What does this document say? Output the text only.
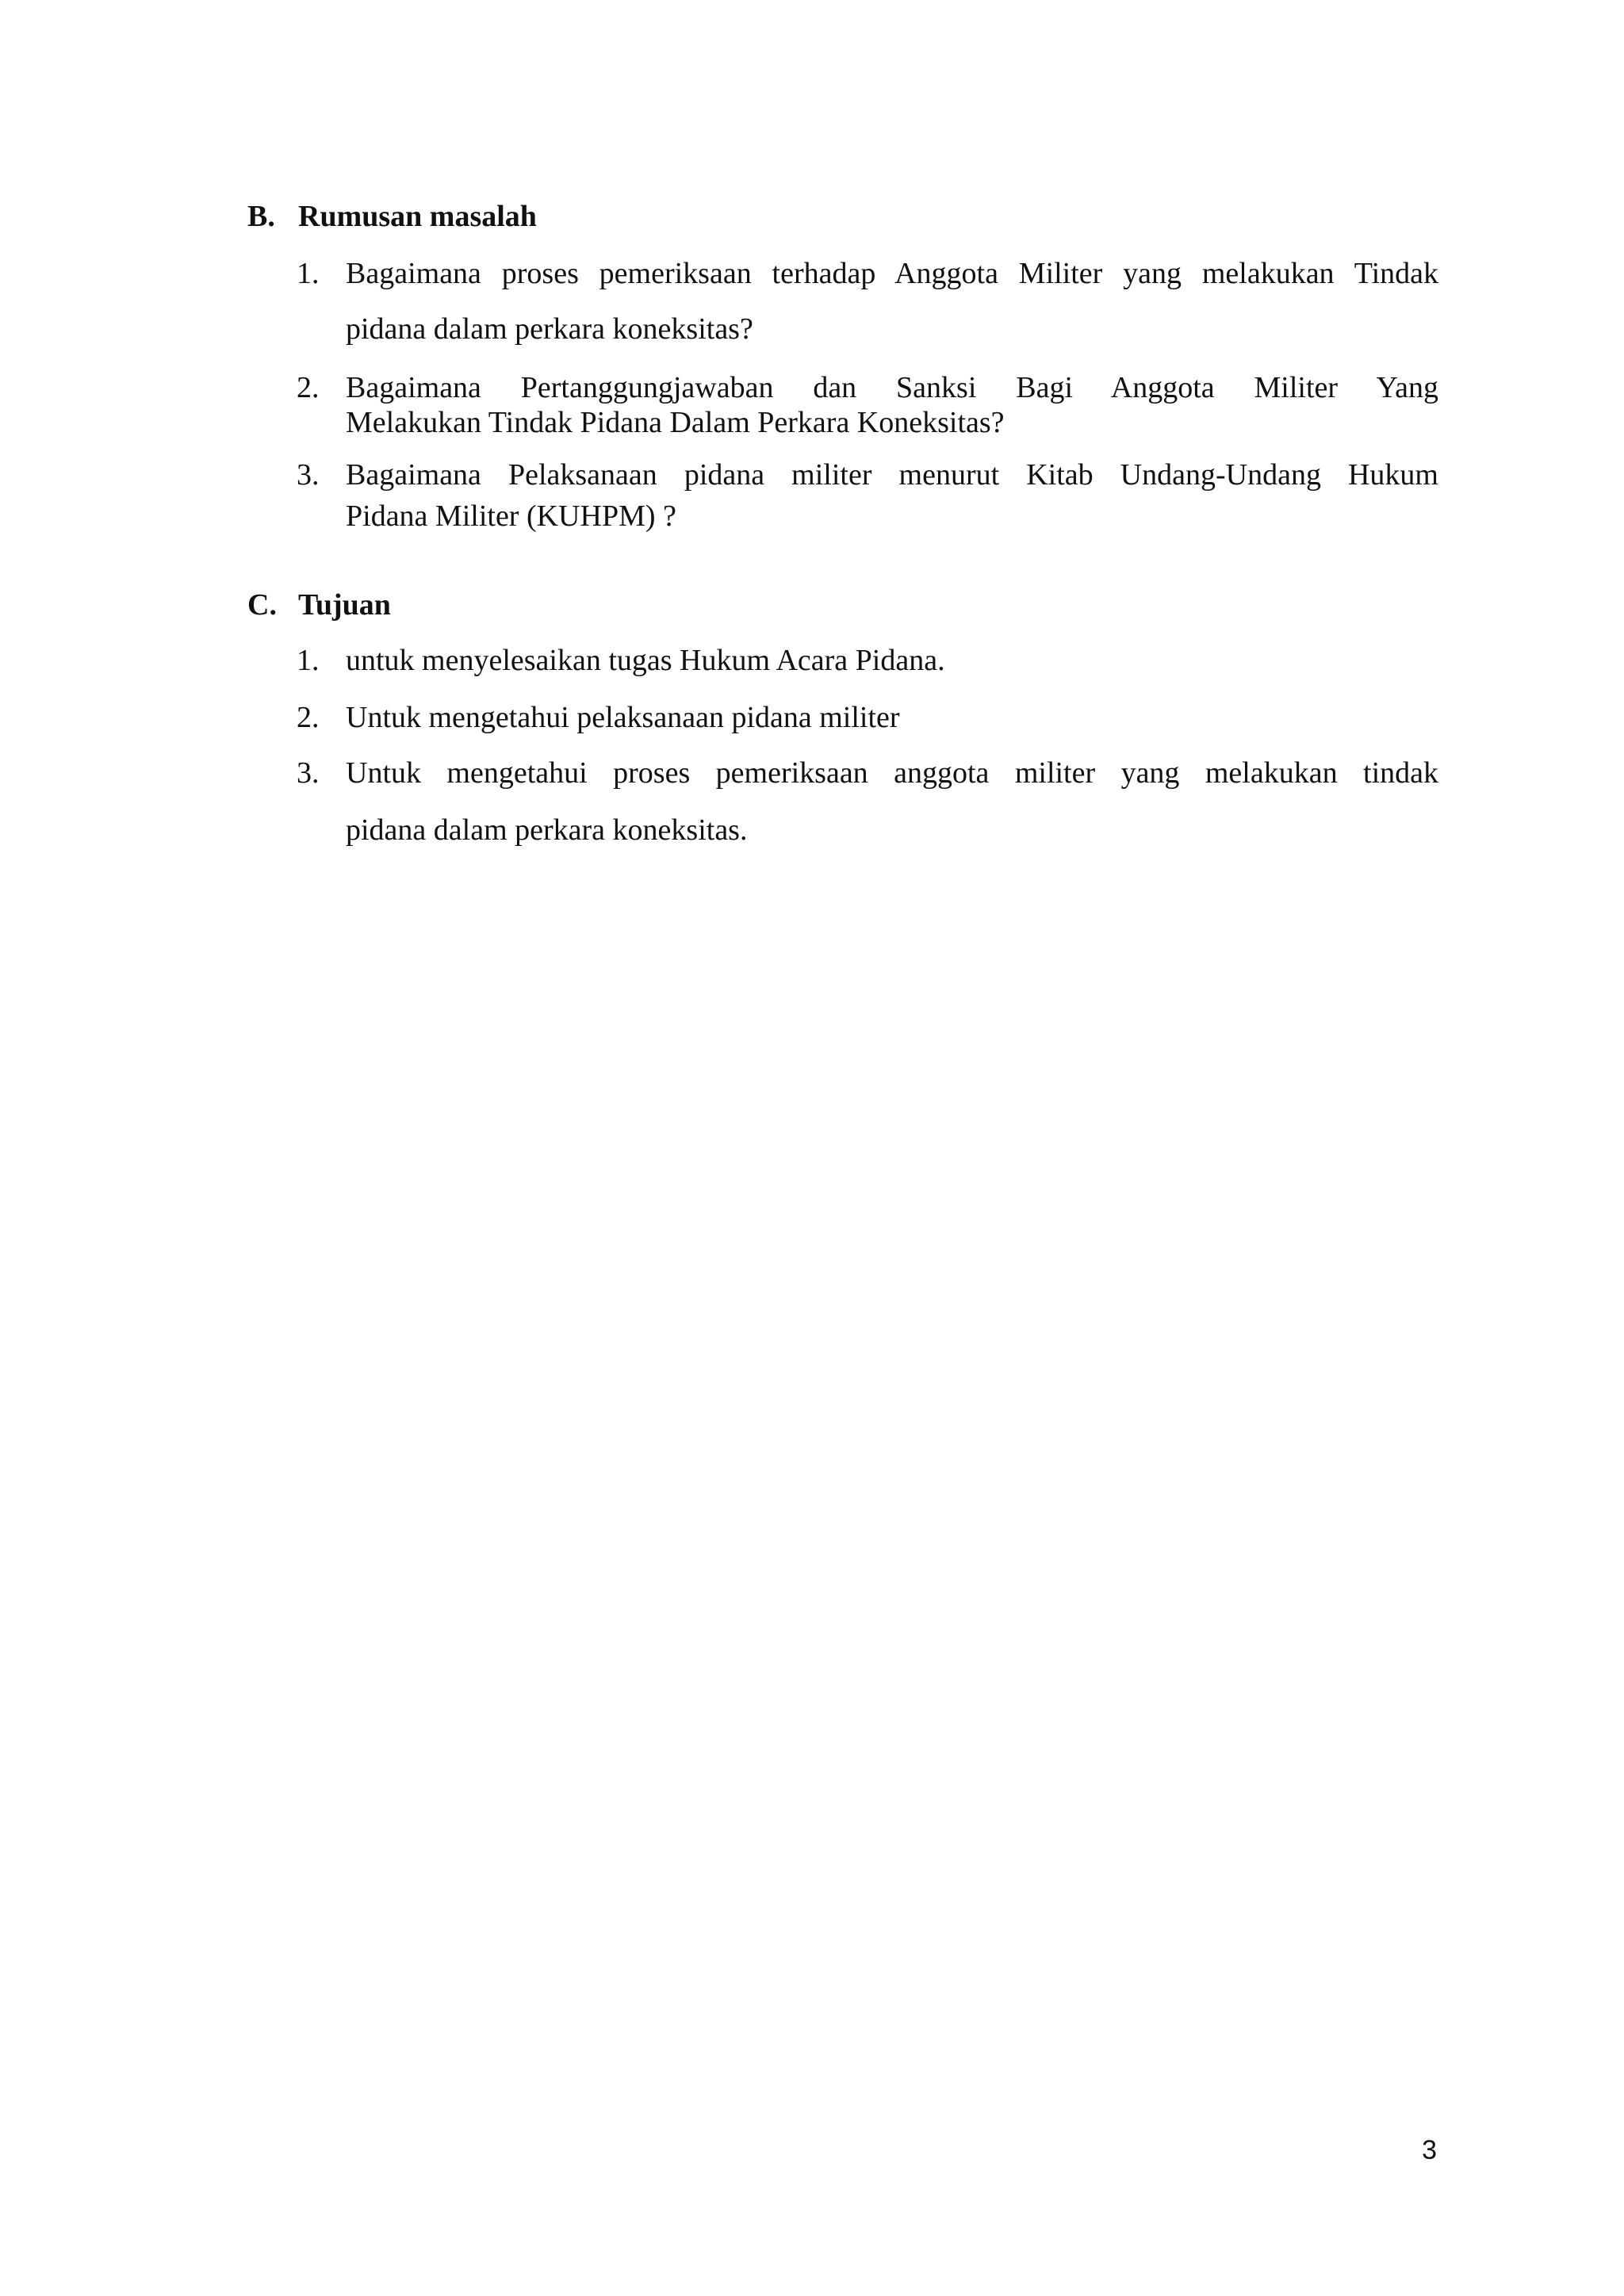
B. Rumusan masalah
1. Bagaimana proses pemeriksaan terhadap Anggota Militer yang melakukan Tindak
pidana dalam perkara koneksitas?
2. Bagaimana Pertanggungjawaban dan Sanksi Bagi Anggota Militer Yang
Melakukan Tindak Pidana Dalam Perkara Koneksitas?
3. Bagaimana Pelaksanaan pidana militer menurut Kitab Undang-Undang Hukum
Pidana Militer (KUHPM) ?
C. Tujuan
1. untuk menyelesaikan tugas Hukum Acara Pidana.
2. Untuk mengetahui pelaksanaan pidana militer
3. Untuk mengetahui proses pemeriksaan anggota militer yang melakukan tindak
pidana dalam perkara koneksitas.
3
